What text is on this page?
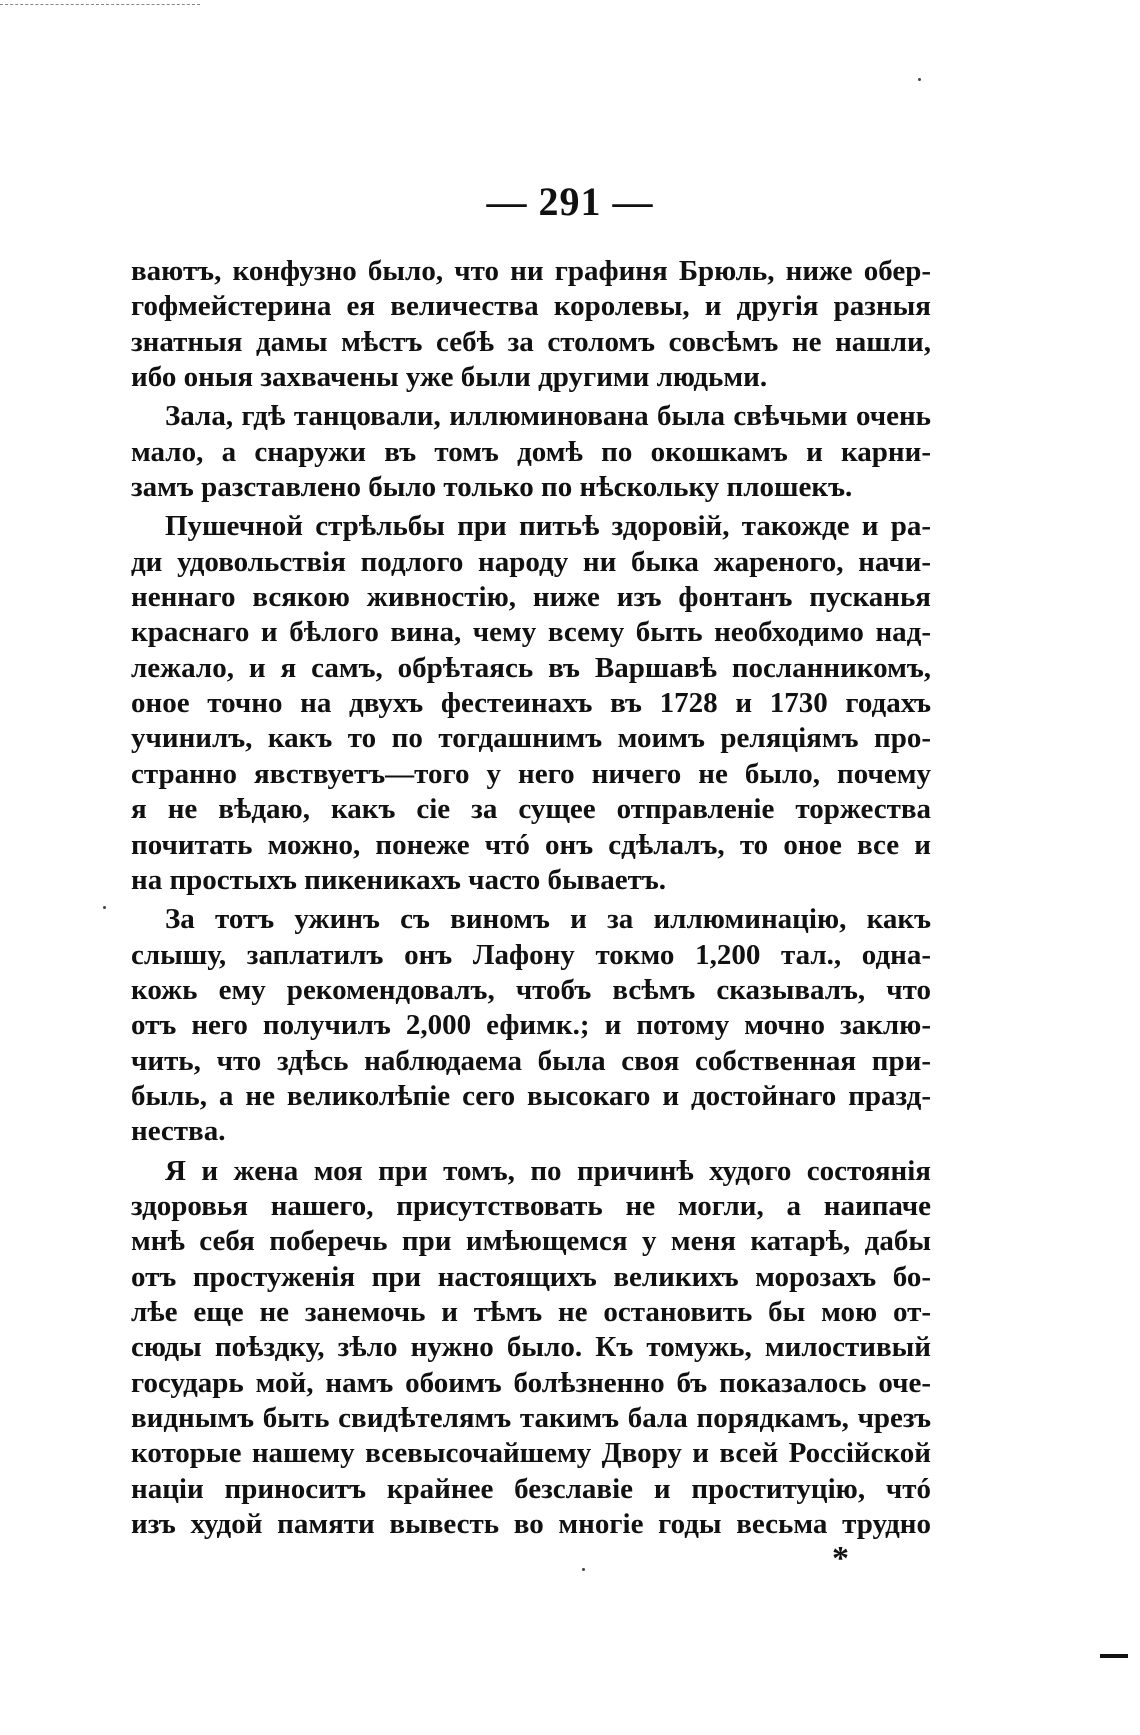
— 291 —
ваютъ, конфузно было, что ни графиня Брюль, ниже обер-
гофмейстерина ея величества королевы, и другія разныя
знатныя дамы мѣстъ себѣ за столомъ совсѣмъ не нашли,
ибо оныя захвачены уже были другими людьми.
Зала, гдѣ танцовали, иллюминована была свѣчьми очень
мало, а снаружи въ томъ домѣ по окошкамъ и карни-
замъ разставлено было только по нѣскольку плошекъ.
Пушечной стрѣльбы при питьѣ здоровій, такожде и ра-
ди удовольствія подлого народу ни быка жареного, начи-
неннаго всякою живностію, ниже изъ фонтанъ пусканья
краснаго и бѣлого вина, чему всему быть необходимо над-
лежало, и я самъ, обрѣтаясь въ Варшавѣ посланникомъ,
оное точно на двухъ фестеинахъ въ 1728 и 1730 годахъ
учинилъ, какъ то по тогдашнимъ моимъ реляціямъ про-
странно явствуетъ—того у него ничего не было, почему
я не вѣдаю, какъ сіе за сущее отправленіе торжества
почитать можно, понеже чтó онъ сдѣлалъ, то оное все и
на простыхъ пикеникахъ часто бываетъ.
За тотъ ужинъ съ виномъ и за иллюминацію, какъ
слышу, заплатилъ онъ Лафону токмо 1,200 тал., однa-
кожь ему рекомендовалъ, чтобъ всѣмъ сказывалъ, что
отъ него получилъ 2,000 ефимк.; и потому мочно заклю-
чить, что здѣсь наблюдаема была своя собственная при-
быль, а не великолѣпіе сего высокаго и достойнаго празд-
нества.
Я и жена моя при томъ, по причинѣ худого состоянія
здоровья нашего, присутствовать не могли, а наипаче
мнѣ себя поберечь при имѣющемся у меня катарѣ, дабы
отъ простуженія при настоящихъ великихъ морозахъ бо-
лѣе еще не занемочь и тѣмъ не остановить бы мою от-
сюды поѣздку, зѣло нужно было. Къ томужь, милостивый
государь мой, намъ обоимъ болѣзненно бъ показалось оче-
виднымъ быть свидѣтелямъ такимъ бала порядкамъ, чрезъ
которые нашему всевысочайшему Двору и всей Россійской
націи приноситъ крайнее безславіе и проституцію, чтó
изъ худой памяти вывесть во многіе годы весьма трудно
*
